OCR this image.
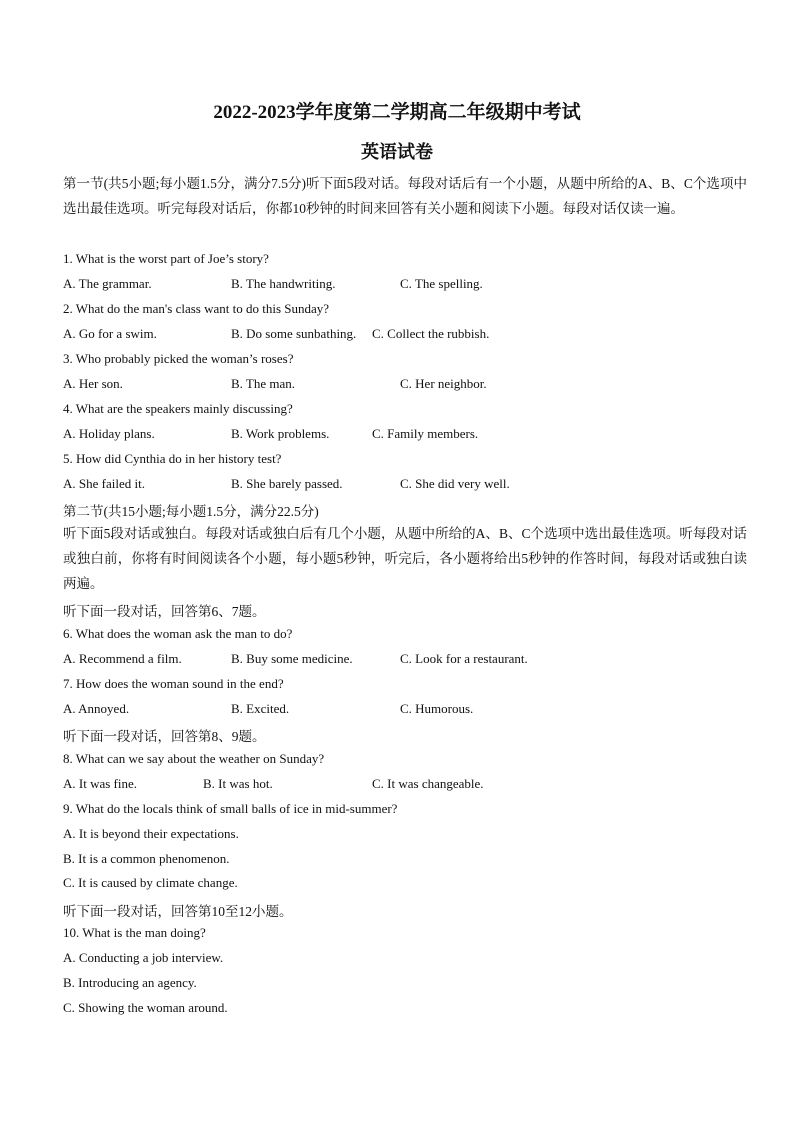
2022-2023学年度第二学期高二年级期中考试
英语试卷
第一节(共5小题;每小题1.5分，满分7.5分)听下面5段对话。每段对话后有一个小题，从题中所给的A、B、C个选项中选出最佳选项。听完每段对话后，你都10秒钟的时间来回答有关小题和阅读下小题。每段对话仅读一遍。
1. What is the worst part of Joe’s story?
A. The grammar.	B. The handwriting.	C. The spelling.
2. What do the man's class want to do this Sunday?
A. Go for a swim.	B. Do some sunbathing. C. Collect the rubbish.
3. Who probably picked the woman’s roses?
A. Her son.	B. The man.	C. Her neighbor.
4. What are the speakers mainly discussing?
A. Holiday plans.	B. Work problems.	C. Family members.
5. How did Cynthia do in her history test?
A. She failed it.	B. She barely passed.	C. She did very well.
第二节(共15小题;每小题1.5分，满分22.5分)
听下面5段对话或独白。每段对话或独白后有几个小题，从题中所给的A、B、C个选项中选出最佳选项。听每段对话或独白前，你将有时间阅读各个小题，每小题5秒钟，听完后，各小题将给出5秒钟的作答时间，每段对话或独白读两遍。
听下面一段对话，回答第6、7题。
6. What does the woman ask the man to do?
A. Recommend a film.	B. Buy some medicine.	C. Look for a restaurant.
7. How does the woman sound in the end?
A. Annoyed.	B. Excited.	C. Humorous.
听下面一段对话，回答第8、9题。
8. What can we say about the weather on Sunday?
A. It was fine.	B. It was hot.	C. It was changeable.
9. What do the locals think of small balls of ice in mid-summer?
A. It is beyond their expectations.
B. It is a common phenomenon.
C. It is caused by climate change.
听下面一段对话，回答第10至12小题。
10. What is the man doing?
A. Conducting a job interview.
B. Introducing an agency.
C. Showing the woman around.
